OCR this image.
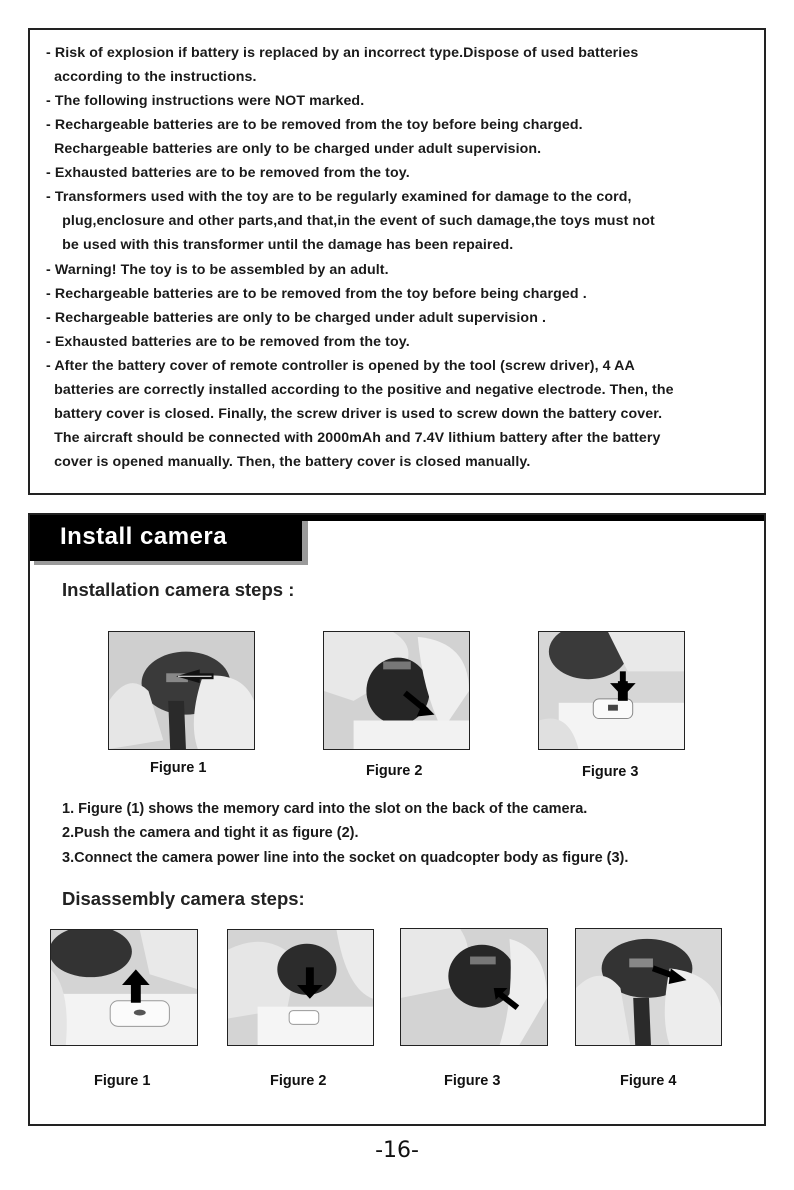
- Risk of explosion if battery is replaced by an incorrect type.Dispose of used batteries
according to the instructions.
- The following instructions were NOT marked.
- Rechargeable batteries are to be removed from the toy before being charged.
Rechargeable batteries are only to be charged under adult supervision.
- Exhausted batteries are to be removed from the toy.
- Transformers used with the toy are to be regularly examined for damage to the cord,
plug,enclosure and other parts,and that,in the event of such damage,the toys must not
be used with this transformer until the damage has been repaired.
- Warning! The toy is to be assembled by an adult.
- Rechargeable batteries are to be removed from the toy before being charged .
- Rechargeable batteries are only to be charged under adult supervision .
- Exhausted batteries are to be removed from the toy.
- After the battery cover of remote controller is opened by the tool (screw driver), 4 AA
batteries are correctly installed according to the positive and negative electrode. Then, the
battery cover is closed. Finally, the screw driver is used to screw down the battery cover.
The aircraft should be connected with 2000mAh and 7.4V lithium battery after the battery
cover is opened manually. Then, the battery cover is closed manually.
Install camera
Installation camera steps :
Figure 1	Figure 2	Figure 3
1. Figure (1) shows the memory card into the slot on the back of the camera.
2.Push the camera and tight it as figure (2).
3.Connect the camera power line into the socket on quadcopter body as figure (3).
Disassembly camera steps:
Figure 1	Figure 2	Figure 3	Figure 4
-16-
